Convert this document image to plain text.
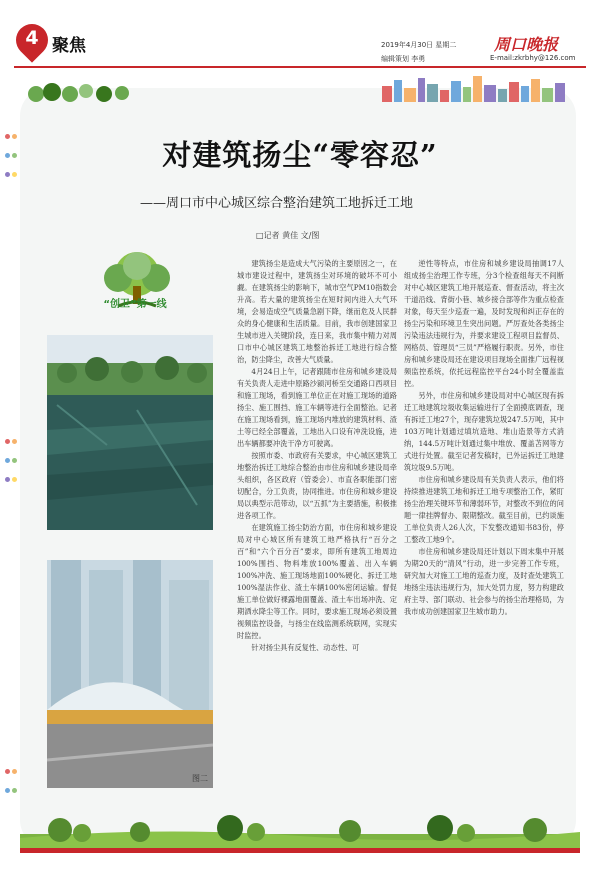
4 聚焦	2019年4月30日 星期二
编辑策划 李勇
周口晚报
E-mail:zkrbhy@126.com

对建筑扬尘“零容忍”
——周口市中心城区综合整治建筑工地拆迁工地
□记者 黄佳 文/图
“创卫”第一线
图二

建筑扬尘是造成大气污染的主要原因之一，在城市建设过程中，建筑扬尘对环境的破坏不可小觑。在建筑扬尘的影响下，城市空气PM10指数会升高。若大量的建筑扬尘在短时间内进入大气环境，会易造成空气质量急剧下降，继而危及人民群众的身心健康和生活质量。目前，我市创建国家卫生城市进入关键阶段，连日来，我市集中精力对周口市中心城区建筑工地整治拆迁工地进行综合整治，防尘降尘，改善大气质量。

4月24日上午，记者跟随市住房和城乡建设局有关负责人走进中原路沙颍河桥至交通路口西项目和施工现场，看到施工单位正在对施工现场的道路扬尘、施工围挡、施工车辆等进行全面整治。记者在施工现场看到，施工现场内堆放的建筑材料、渣土等已经全部覆盖，工地出入口设有冲洗设施，进出车辆都要冲洗干净方可驶离。

按照市委、市政府有关要求，中心城区建筑工地整治拆迁工地综合整治由市住房和城乡建设局牵头组织，各区政府（管委会）、市直各职能部门密切配合，分工负责，协同推进。市住房和城乡建设局以典型示范带动，以“五抓”为主要措施，积极推进各项工作。

在建筑施工扬尘防治方面，市住房和城乡建设局对中心城区所有建筑工地严格执行“百分之百”和“六个百分百”要求，即所有建筑工地周边100%围挡、物料堆放100%覆盖、出入车辆100%冲洗、施工现场地面100%硬化、拆迁工地100%湿法作业、渣土车辆100%密闭运输。督促施工单位做好裸露地面覆盖、渣土车出场冲洗、定期洒水降尘等工作。同时，要求施工现场必须设置视频监控设备，与扬尘在线监测系统联网，实现实时监控。

针对扬尘具有反复性、动态性、可

逆性等特点，市住房和城乡建设局抽调17人组成扬尘治理工作专班，分3个检查组每天不间断对中心城区建筑工地开展巡查、督查活动，将主次干道沿线、背街小巷、城乡接合部等作为重点检查对象，每天至少巡查一遍，及时发现和纠正存在的扬尘污染和环境卫生突出问题。严厉查处各类扬尘污染违法违规行为，并要求建设工程项目监督员、网格员、管理员“三员”严格履行职责。另外，市住房和城乡建设局还在建设项目现场全面推广远程视频监控系统，依托远程监控平台24小时全覆盖监控。

另外，市住房和城乡建设局对中心城区现有拆迁工地建筑垃圾收集运输进行了全面摸底调查，现有拆迁工地27个，现存建筑垃圾247.5万吨，其中103万吨计划通过填坑造地、堆山造景等方式消纳，144.5万吨计划通过集中堆放、覆盖苫网等方式进行处置。截至记者发稿时，已外运拆迁工地建筑垃圾9.5万吨。

市住房和城乡建设局有关负责人表示，他们将持续推进建筑工地和拆迁工地专项整治工作，紧盯扬尘治理关键环节和薄弱环节，对整改不到位的问题一律挂牌督办、限期整改。截至目前，已约谈施工单位负责人26人次，下发整改通知书83份，停工整改工地9个。

市住房和城乡建设局还计划以下周末集中开展为期20天的“清风”行动，进一步完善工作专班，研究加大对施工工地的巡查力度，及时查处建筑工地扬尘违法违规行为，加大处罚力度，努力构建政府主导、部门联动、社会参与的扬尘治理格局，为我市成功创建国家卫生城市助力。
